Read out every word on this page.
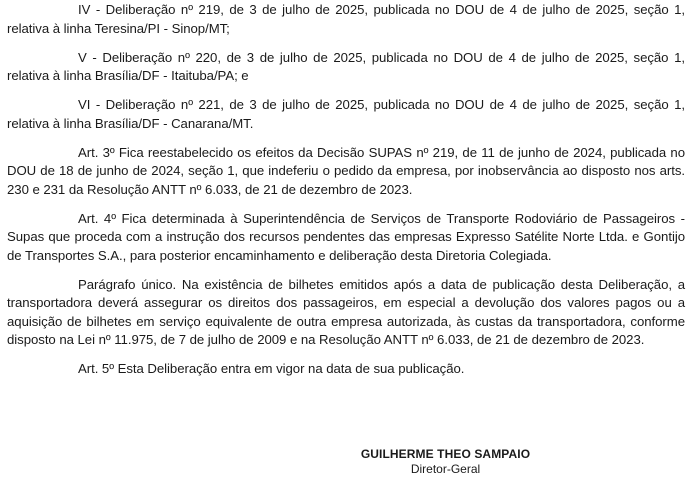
IV - Deliberação nº 219, de 3 de julho de 2025, publicada no DOU de 4 de julho de 2025, seção 1, relativa à linha Teresina/PI - Sinop/MT;

V - Deliberação nº 220, de 3 de julho de 2025, publicada no DOU de 4 de julho de 2025, seção 1, relativa à linha Brasília/DF - Itaituba/PA; e

VI - Deliberação nº 221, de 3 de julho de 2025, publicada no DOU de 4 de julho de 2025, seção 1, relativa à linha Brasília/DF - Canarana/MT.

Art. 3º Fica reestabelecido os efeitos da Decisão SUPAS nº 219, de 11 de junho de 2024, publicada no DOU de 18 de junho de 2024, seção 1, que indeferiu o pedido da empresa, por inobservância ao disposto nos arts. 230 e 231 da Resolução ANTT nº 6.033, de 21 de dezembro de 2023.

Art. 4º Fica determinada à Superintendência de Serviços de Transporte Rodoviário de Passageiros - Supas que proceda com a instrução dos recursos pendentes das empresas Expresso Satélite Norte Ltda. e Gontijo de Transportes S.A., para posterior encaminhamento e deliberação desta Diretoria Colegiada.

Parágrafo único. Na existência de bilhetes emitidos após a data de publicação desta Deliberação, a transportadora deverá assegurar os direitos dos passageiros, em especial a devolução dos valores pagos ou a aquisição de bilhetes em serviço equivalente de outra empresa autorizada, às custas da transportadora, conforme disposto na Lei nº 11.975, de 7 de julho de 2009 e na Resolução ANTT nº 6.033, de 21 de dezembro de 2023.

Art. 5º Esta Deliberação entra em vigor na data de sua publicação.

GUILHERME THEO SAMPAIO
Diretor-Geral
